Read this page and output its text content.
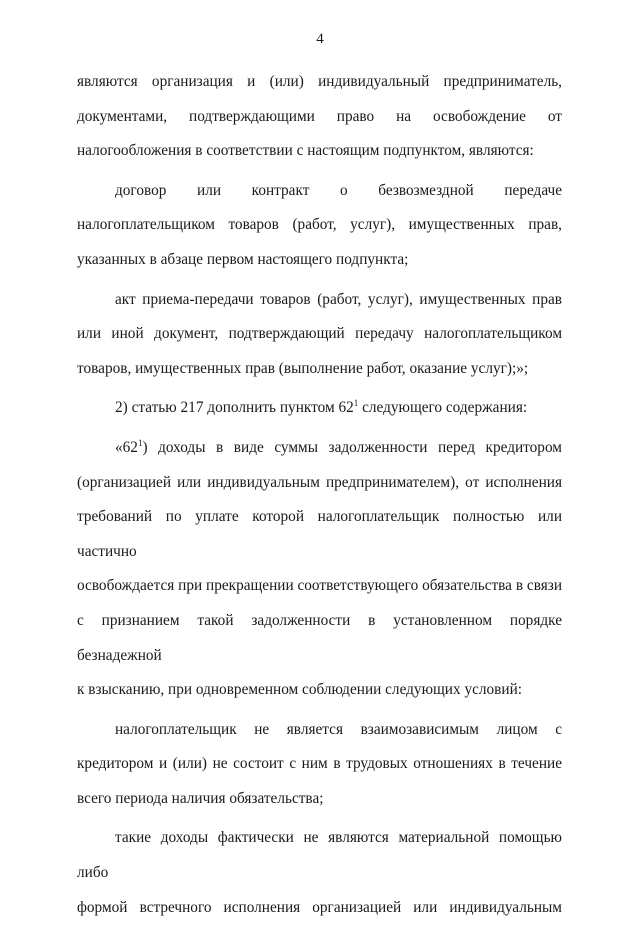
4

являются организация и (или) индивидуальный предприниматель,
документами, подтверждающими право на освобождение от
налогообложения в соответствии с настоящим подпунктом, являются:

договор или контракт о безвозмездной передаче
налогоплательщиком товаров (работ, услуг), имущественных прав,
указанных в абзаце первом настоящего подпункта;

акт приема-передачи товаров (работ, услуг), имущественных прав
или иной документ, подтверждающий передачу налогоплательщиком
товаров, имущественных прав (выполнение работ, оказание услуг);»;

2) статью 217 дополнить пунктом $62^1$ следующего содержания:

«$62^1$) доходы в виде суммы задолженности перед кредитором
(организацией или индивидуальным предпринимателем), от исполнения
требований по уплате которой налогоплательщик полностью или частично
освобождается при прекращении соответствующего обязательства в связи
с признанием такой задолженности в установленном порядке безнадежной
к взысканию, при одновременном соблюдении следующих условий:

налогоплательщик не является взаимозависимым лицом с
кредитором и (или) не состоит с ним в трудовых отношениях в течение
всего периода наличия обязательства;

такие доходы фактически не являются материальной помощью либо
формой встречного исполнения организацией или индивидуальным
